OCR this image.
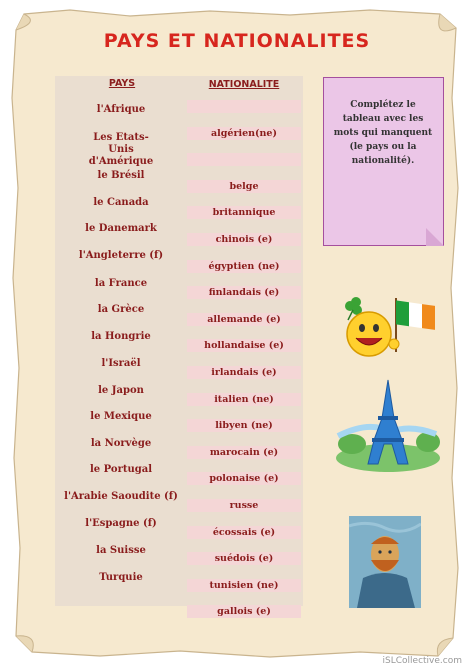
PAYS ET NATIONALITES
PAYS	NATIONALITE
l'Afrique
Les Etats-Unis d'Amérique
le Brésil
le Canada
le Danemark
l'Angleterre (f)
la France
la Grèce
la Hongrie
l'Israël
le Japon
le Mexique
la Norvège
le Portugal
l'Arabie Saoudite (f)
l'Espagne (f)
la Suisse
Turquie
algérien(ne)
belge
britannique
chinois (e)
égyptien (ne)
finlandais (e)
allemande (e)
hollandaise (e)
irlandais (e)
italien (ne)
libyen (ne)
marocain (e)
polonaise (e)
russe
écossais (e)
suédois (e)
tunisien (ne)
gallois (e)
Complétez le tableau avec les mots qui manquent (le pays ou la nationalité).
iSLCollective.com
